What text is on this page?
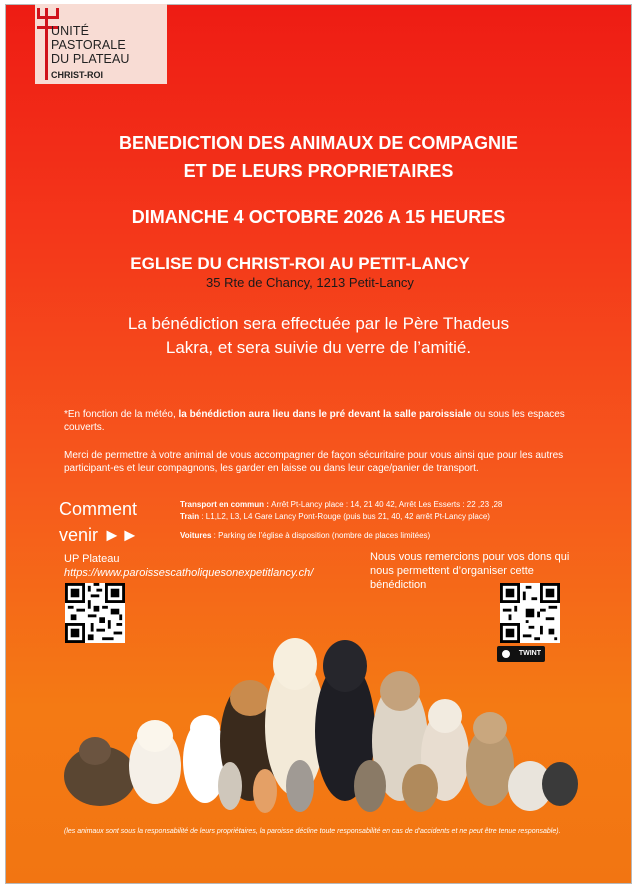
UNITÉ
PASTORALE
DU PLATEAU
CHRIST-ROI
BENEDICTION DES ANIMAUX DE COMPAGNIE
ET DE LEURS PROPRIETAIRES
DIMANCHE 4 OCTOBRE 2026 A 15 HEURES
EGLISE DU CHRIST-ROI AU PETIT-LANCY
35 Rte de Chancy, 1213 Petit-Lancy
La bénédiction sera effectuée par le Père Thadeus
Lakra, et sera suivie du verre de l’amitié.
*En fonction de la météo, la bénédiction aura lieu dans le pré devant la salle paroissiale ou sous les espaces couverts.
Merci de permettre à votre animal de vous accompagner de façon sécuritaire pour vous ainsi que pour les autres participant-es et leur compagnons, les garder en laisse ou dans leur cage/panier de transport.
Comment
venir ►►
Transport en commun : Arrêt Pt-Lancy place : 14, 21 40 42, Arrêt Les Esserts : 22 ,23 ,28
Train : L1,L2, L3, L4 Gare Lancy Pont-Rouge (puis bus 21, 40, 42 arrêt Pt-Lancy place)
Voitures : Parking de l’église à disposition (nombre de places limitées)
UP Plateau
https://www.paroissescatholiquesonexpetitlancy.ch/
Nous vous remercions pour vos dons qui nous permettent d’organiser cette bénédiction
TWINT
(les animaux sont sous la responsabilité de leurs propriétaires, la paroisse décline toute responsabilité en cas de d’accidents et ne peut être tenue responsable).
